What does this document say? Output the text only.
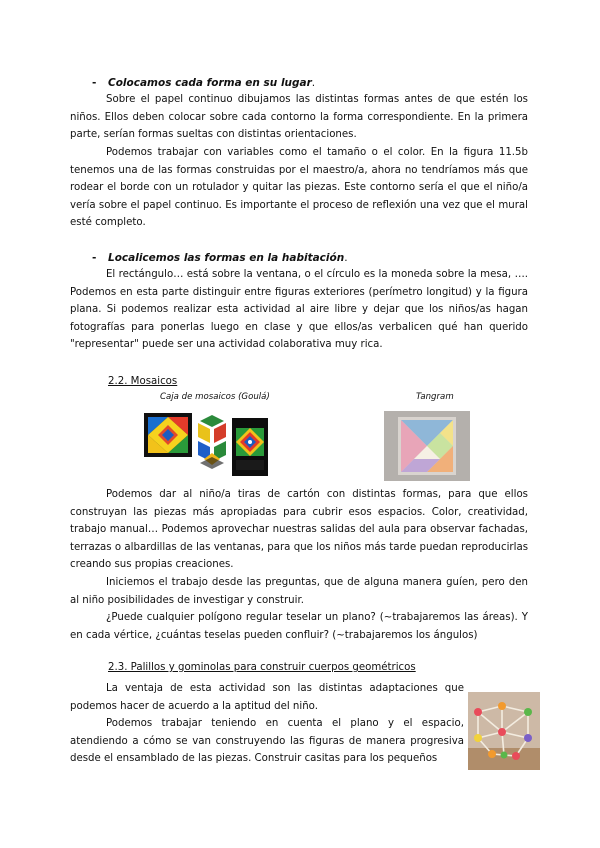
- Colocamos cada forma en su lugar.

Sobre el papel continuo dibujamos las distintas formas antes de que estén los niños. Ellos deben colocar sobre cada contorno la forma correspondiente. En la primera parte, serían formas sueltas con distintas orientaciones.

Podemos trabajar con variables como el tamaño o el color. En la figura 11.5b tenemos una de las formas construidas por el maestro/a, ahora no tendríamos más que rodear el borde con un rotulador y quitar las piezas. Este contorno sería el que el niño/a vería sobre el papel continuo. Es importante el proceso de reflexión una vez que el mural esté completo.

- Localicemos las formas en la habitación.

El rectángulo… está sobre la ventana, o el círculo es la moneda sobre la mesa, …. Podemos en esta parte distinguir entre figuras exteriores (perímetro longitud) y la figura plana. Si podemos realizar esta actividad al aire libre y dejar que los niños/as hagan fotografías para ponerlas luego en clase y que ellos/as verbalicen qué han querido "representar" puede ser una actividad colaborativa muy rica.

2.2. Mosaicos
Caja de mosaicos (Goulá)	Tangram

Podemos dar al niño/a tiras de cartón con distintas formas, para que ellos construyan las piezas más apropiadas para cubrir esos espacios. Color, creatividad, trabajo manual… Podemos aprovechar nuestras salidas del aula para observar fachadas, terrazas o albardillas de las ventanas, para que los niños más tarde puedan reproducirlas creando sus propias creaciones.

Iniciemos el trabajo desde las preguntas, que de alguna manera guíen, pero den al niño posibilidades de investigar y construir.

¿Puede cualquier polígono regular teselar un plano? (~trabajaremos las áreas). Y en cada vértice, ¿cuántas teselas pueden confluir? (~trabajaremos los ángulos)

2.3. Palillos y gominolas para construir cuerpos geométricos

La ventaja de esta actividad son las distintas adaptaciones que podemos hacer de acuerdo a la aptitud del niño.

Podemos trabajar teniendo en cuenta el plano y el espacio, atendiendo a cómo se van construyendo las figuras de manera progresiva desde el ensamblado de las piezas. Construir casitas para los pequeños
